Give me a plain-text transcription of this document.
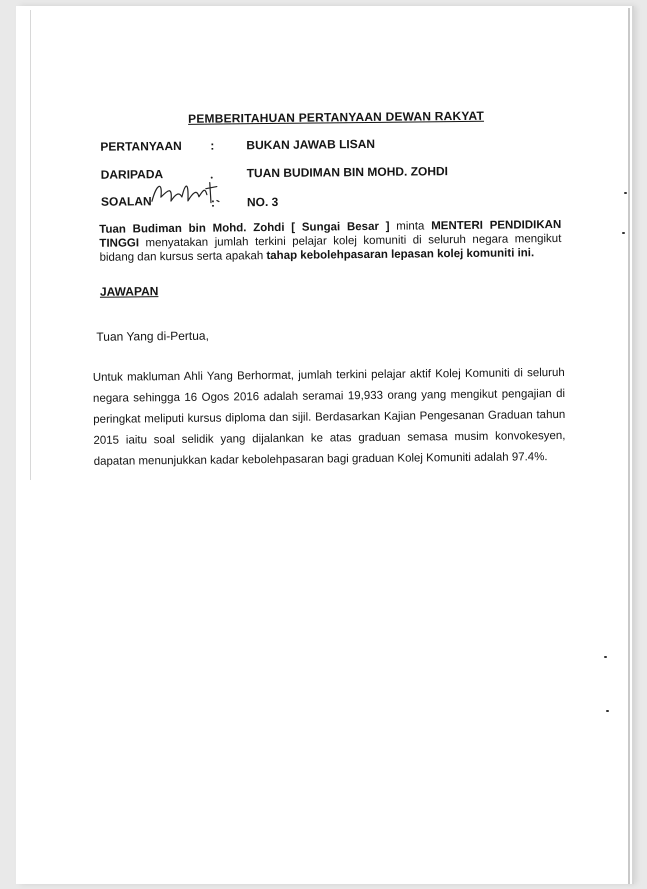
PEMBERITAHUAN PERTANYAAN DEWAN RAKYAT
PERTANYAAN :	BUKAN JAWAB LISAN
DARIPADA	TUAN BUDIMAN BIN MOHD. ZOHDI
SOALAN	:	NO. 3
Tuan Budiman bin Mohd. Zohdi [ Sungai Besar ] minta MENTERI PENDIDIKAN TINGGI menyatakan jumlah terkini pelajar kolej komuniti di seluruh negara mengikut bidang dan kursus serta apakah tahap kebolehpasaran lepasan kolej komuniti ini.
JAWAPAN
Tuan Yang di-Pertua,
Untuk makluman Ahli Yang Berhormat, jumlah terkini pelajar aktif Kolej Komuniti di seluruh negara sehingga 16 Ogos 2016 adalah seramai 19,933 orang yang mengikut pengajian di peringkat meliputi kursus diploma dan sijil. Berdasarkan Kajian Pengesanan Graduan tahun 2015 iaitu soal selidik yang dijalankan ke atas graduan semasa musim konvokesyen, dapatan menunjukkan kadar kebolehpasaran bagi graduan Kolej Komuniti adalah 97.4%.
